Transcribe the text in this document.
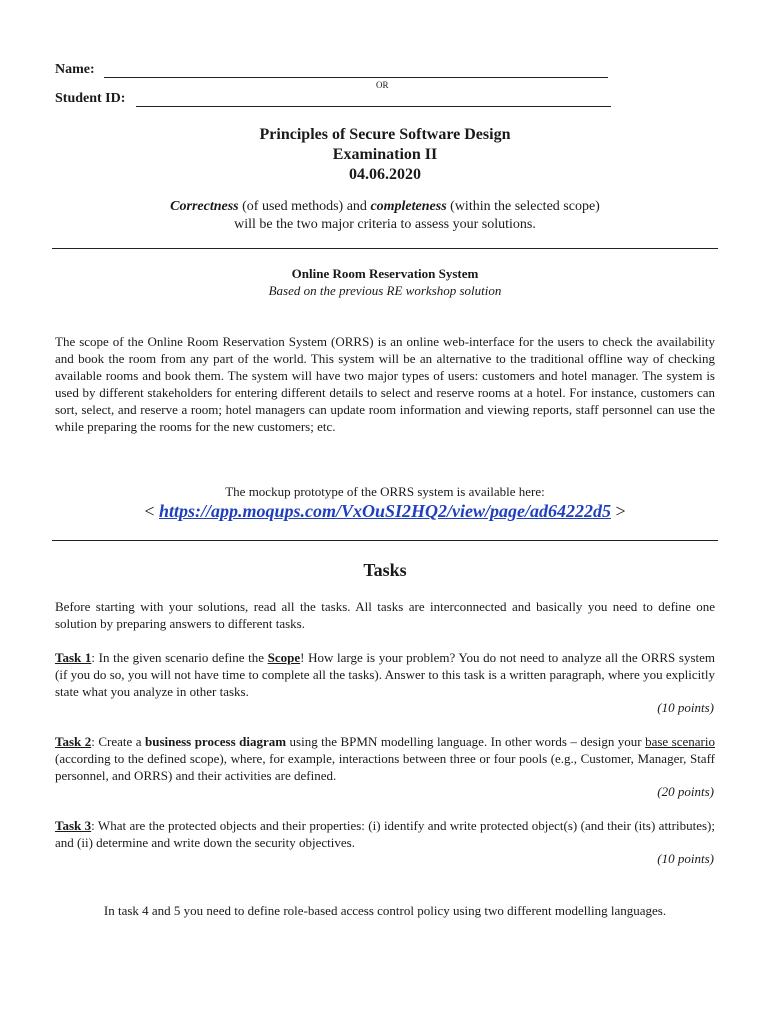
Name:
OR
Student ID:
Principles of Secure Software Design
Examination II
04.06.2020
Correctness (of used methods) and completeness (within the selected scope)
will be the two major criteria to assess your solutions.
Online Room Reservation System
Based on the previous RE workshop solution
The scope of the Online Room Reservation System (ORRS) is an online web-interface for the users to check the availability and book the room from any part of the world. This system will be an alternative to the traditional offline way of checking available rooms and book them. The system will have two major types of users: customers and hotel manager. The system is used by different stakeholders for entering different details to select and reserve rooms at a hotel. For instance, customers can sort, select, and reserve a room; hotel managers can update room information and viewing reports, staff personnel can use the while preparing the rooms for the new customers; etc.
The mockup prototype of the ORRS system is available here:
< https://app.moqups.com/VxOuSI2HQ2/view/page/ad64222d5 >
Tasks
Before starting with your solutions, read all the tasks. All tasks are interconnected and basically you need to define one solution by preparing answers to different tasks.
Task 1: In the given scenario define the Scope! How large is your problem? You do not need to analyze all the ORRS system (if you do so, you will not have time to complete all the tasks). Answer to this task is a written paragraph, where you explicitly state what you analyze in other tasks.
(10 points)
Task 2: Create a business process diagram using the BPMN modelling language. In other words – design your base scenario (according to the defined scope), where, for example, interactions between three or four pools (e.g., Customer, Manager, Staff personnel, and ORRS) and their activities are defined.
(20 points)
Task 3: What are the protected objects and their properties: (i) identify and write protected object(s) (and their (its) attributes); and (ii) determine and write down the security objectives.
(10 points)
In task 4 and 5 you need to define role-based access control policy using two different modelling languages.
